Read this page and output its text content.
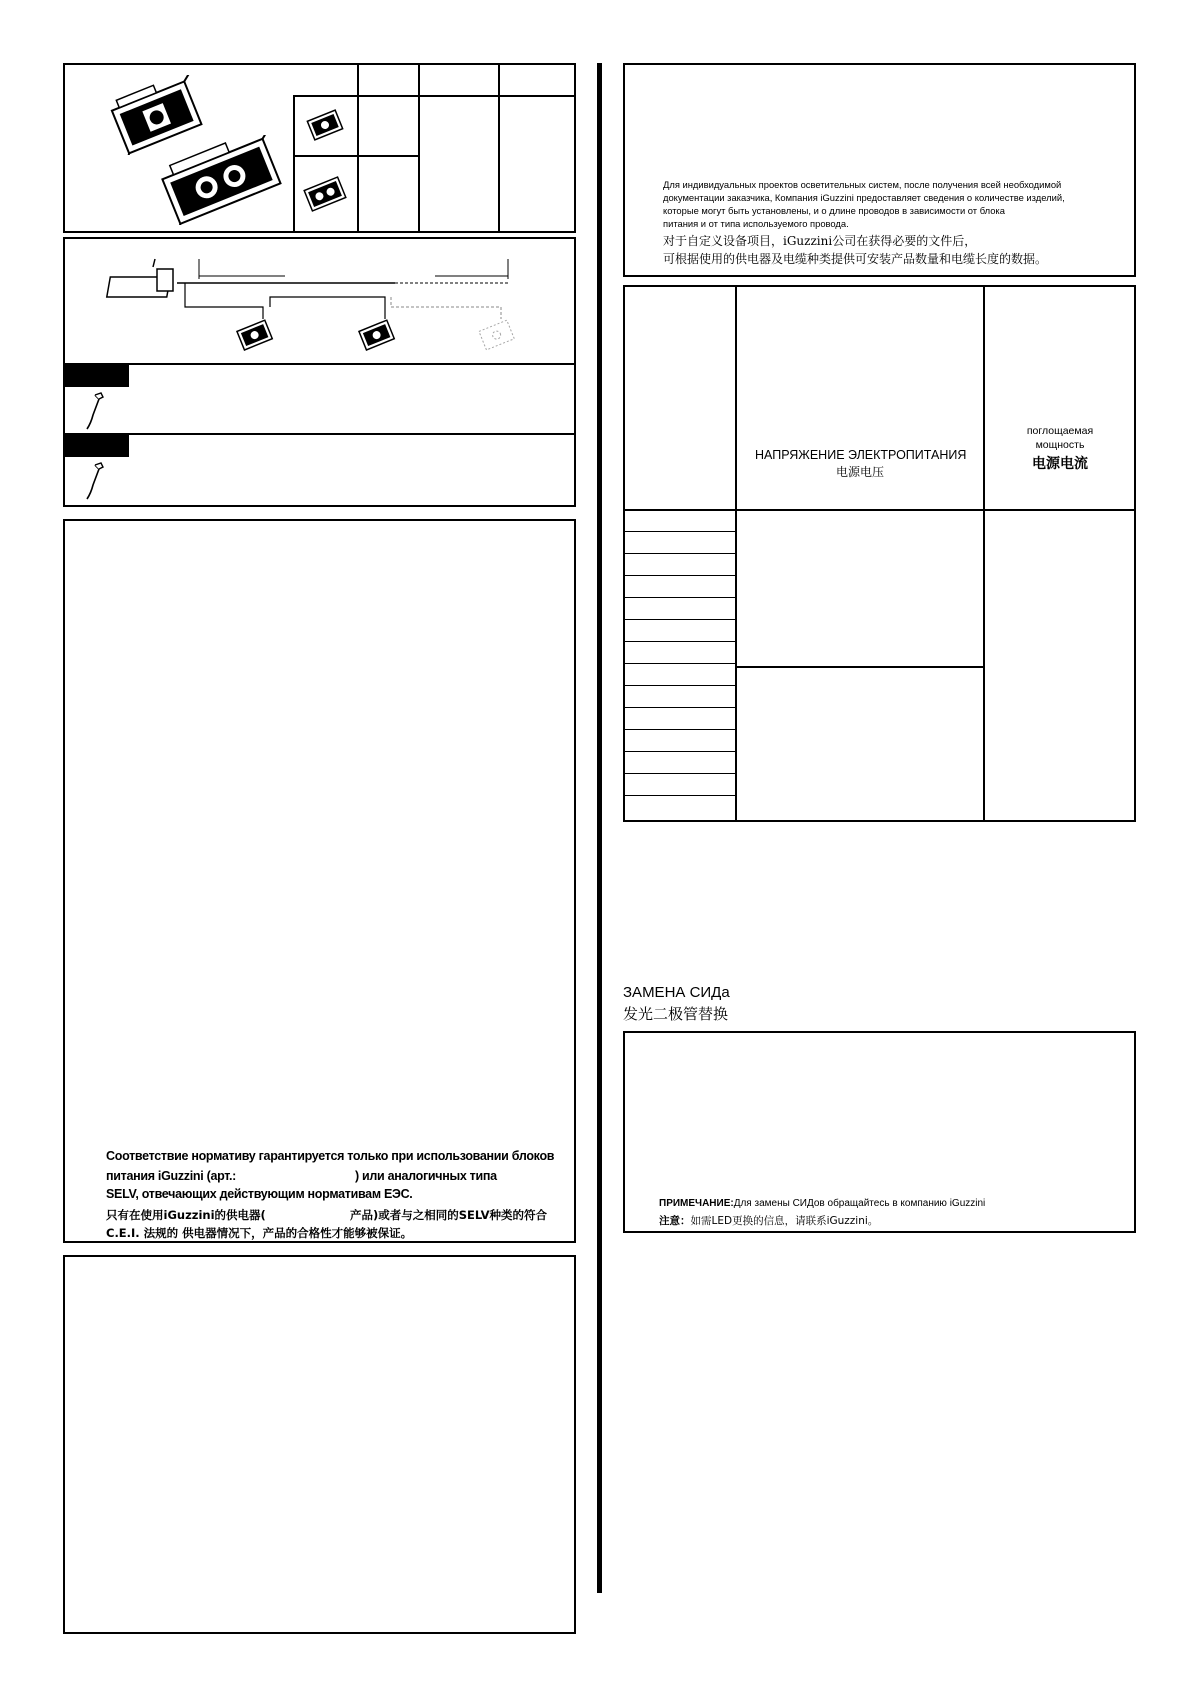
Соответствие нормативу гарантируется только при использовании блоков
питания iGuzzini (арт.:	) или аналогичных типа
SELV, отвечающих действующим нормативам ЕЭС.
只有在使用iGuzzini的供电器(	产品)或者与之相同的SELV种类的符合
C.E.I. 法规的 供电器情况下，产品的合格性才能够被保证。
Для индивидуальных проектов осветительных систем, после получения всей необходимой
документации заказчика, Компания iGuzzini предоставляет сведения о количестве изделий,
которые могут быть установлены, и о длине проводов в зависимости от блока
питания и от типа используемого провода.
对于自定义设备项目，iGuzzini公司在获得必要的文件后，
可根据使用的供电器及电缆种类提供可安装产品数量和电缆长度的数据。
НАПРЯЖЕНИЕ ЭЛЕКТРОПИТАНИЯ
电源电压
поглощаемая
мощность
电源电流
ЗАМЕНА СИДа
发光二极管替换
ПРИМЕЧАНИЕ:Для замены СИДов обращайтесь в компанию iGuzzini
注意：如需LED更换的信息，请联系iGuzzini。
